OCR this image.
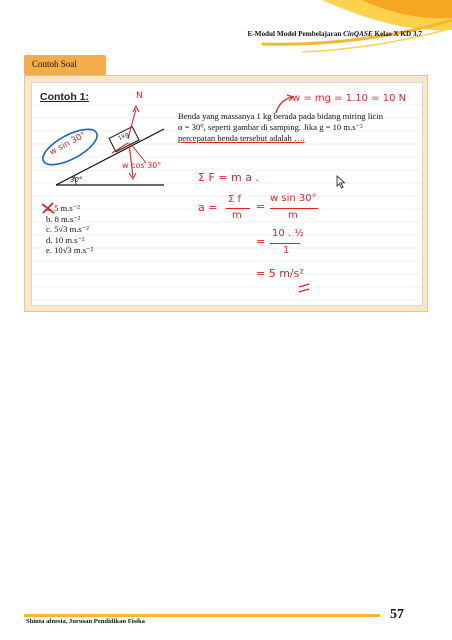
E-Modul Model Pembelajaran CinQASE Kelas X KD 3.7
Contoh Soal
Contoh 1:	N
1kg
30°
w sin 30°
w cos 30°
Benda yang massanya 1 kg berada pada bidang miring licin
α = 30⁰, seperti gambar di samping. Jika g = 10 m.s⁻²
percepatan benda tersebut adalah ….
a. 5 m.s⁻²
b. 8 m.s⁻²
c. 5√3 m.s⁻²
d. 10 m.s⁻²
e. 10√3 m.s⁻²
w = mg = 1.10 = 10 N
Σ F = m a .
a =
Σ f
m
=
w sin 30°
m
=
10 . ½
1
= 5 m/s²
Shinta afnesia, Jurusan Pendidikan Fisika	57
